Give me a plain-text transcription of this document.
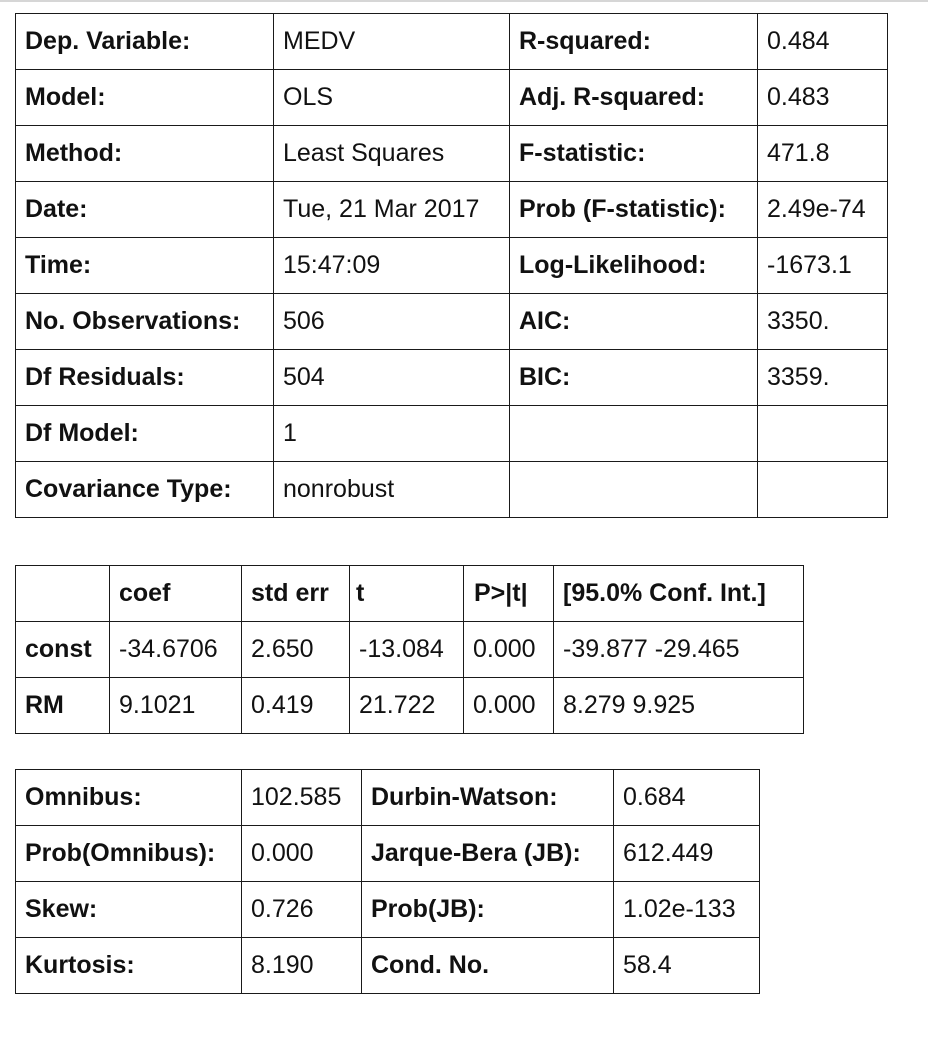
Dep. Variable:	MEDV	R-squared:	0.484
Model:	OLS	Adj. R-squared:	0.483
Method:	Least Squares	F-statistic:	471.8
Date:	Tue, 21 Mar 2017	Prob (F-statistic):	2.49e-74
Time:	15:47:09	Log-Likelihood:	-1673.1
No. Observations:	506	AIC:	3350.
Df Residuals:	504	BIC:	3359.
Df Model:	1		
Covariance Type:	nonrobust		
	coef	std err	t	P>|t|	[95.0% Conf. Int.]
const	-34.6706	2.650	-13.084	0.000	-39.877 -29.465
RM	9.1021	0.419	21.722	0.000	8.279 9.925
Omnibus:	102.585	Durbin-Watson:	0.684
Prob(Omnibus):	0.000	Jarque-Bera (JB):	612.449
Skew:	0.726	Prob(JB):	1.02e-133
Kurtosis:	8.190	Cond. No.	58.4
